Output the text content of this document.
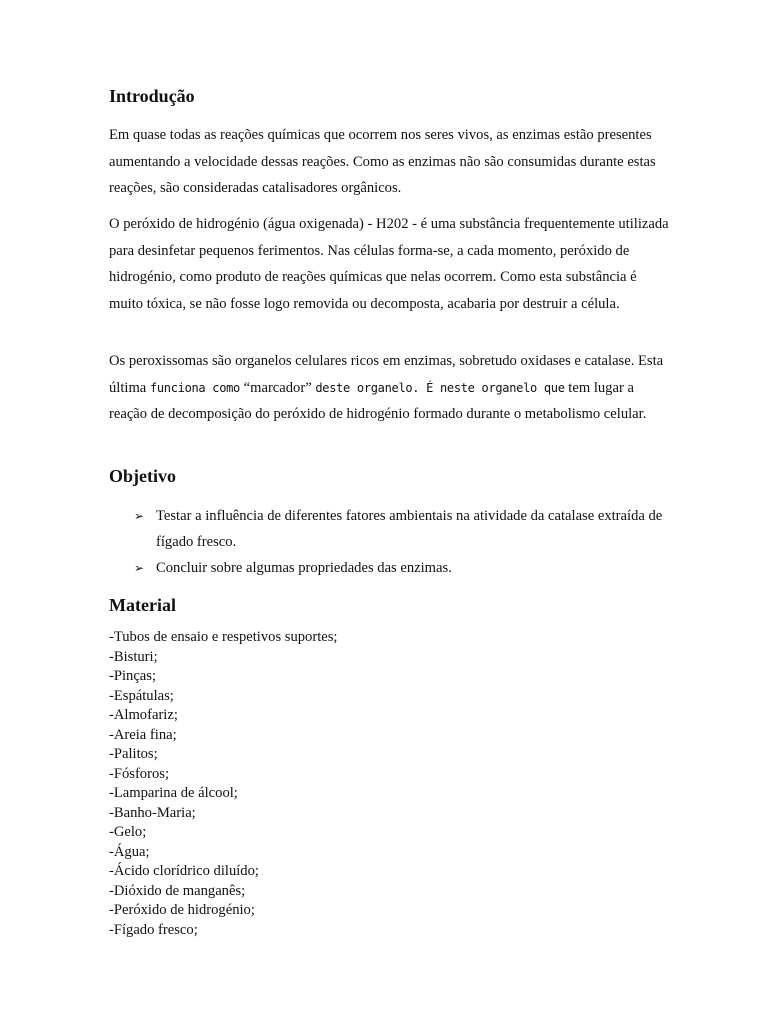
Introdução

Em quase todas as reações químicas que ocorrem nos seres vivos, as enzimas estão presentes aumentando a velocidade dessas reações. Como as enzimas não são consumidas durante estas reações, são consideradas catalisadores orgânicos.

O peróxido de hidrogénio (água oxigenada) - H202 - é uma substância frequentemente utilizada para desinfetar pequenos ferimentos. Nas células forma-se, a cada momento, peróxido de hidrogénio, como produto de reações químicas que nelas ocorrem. Como esta substância é muito tóxica, se não fosse logo removida ou decomposta, acabaria por destruir a célula.

Os peroxissomas são organelos celulares ricos em enzimas, sobretudo oxidases e catalase. Esta última funciona como “marcador” deste organelo. É neste organelo que tem lugar a reação de decomposição do peróxido de hidrogénio formado durante o metabolismo celular.

Objetivo
➢ Testar a influência de diferentes fatores ambientais na atividade da catalase extraída de fígado fresco.
➢ Concluir sobre algumas propriedades das enzimas.
Material
-Tubos de ensaio e respetivos suportes;
-Bisturi;
-Pinças;
-Espátulas;
-Almofariz;
-Areia fina;
-Palitos;
-Fósforos;
-Lamparina de álcool;
-Banho-Maria;
-Gelo;
-Água;
-Ácido clorídrico diluído;
-Dióxido de manganês;
-Peróxido de hidrogénio;
-Fígado fresco;
